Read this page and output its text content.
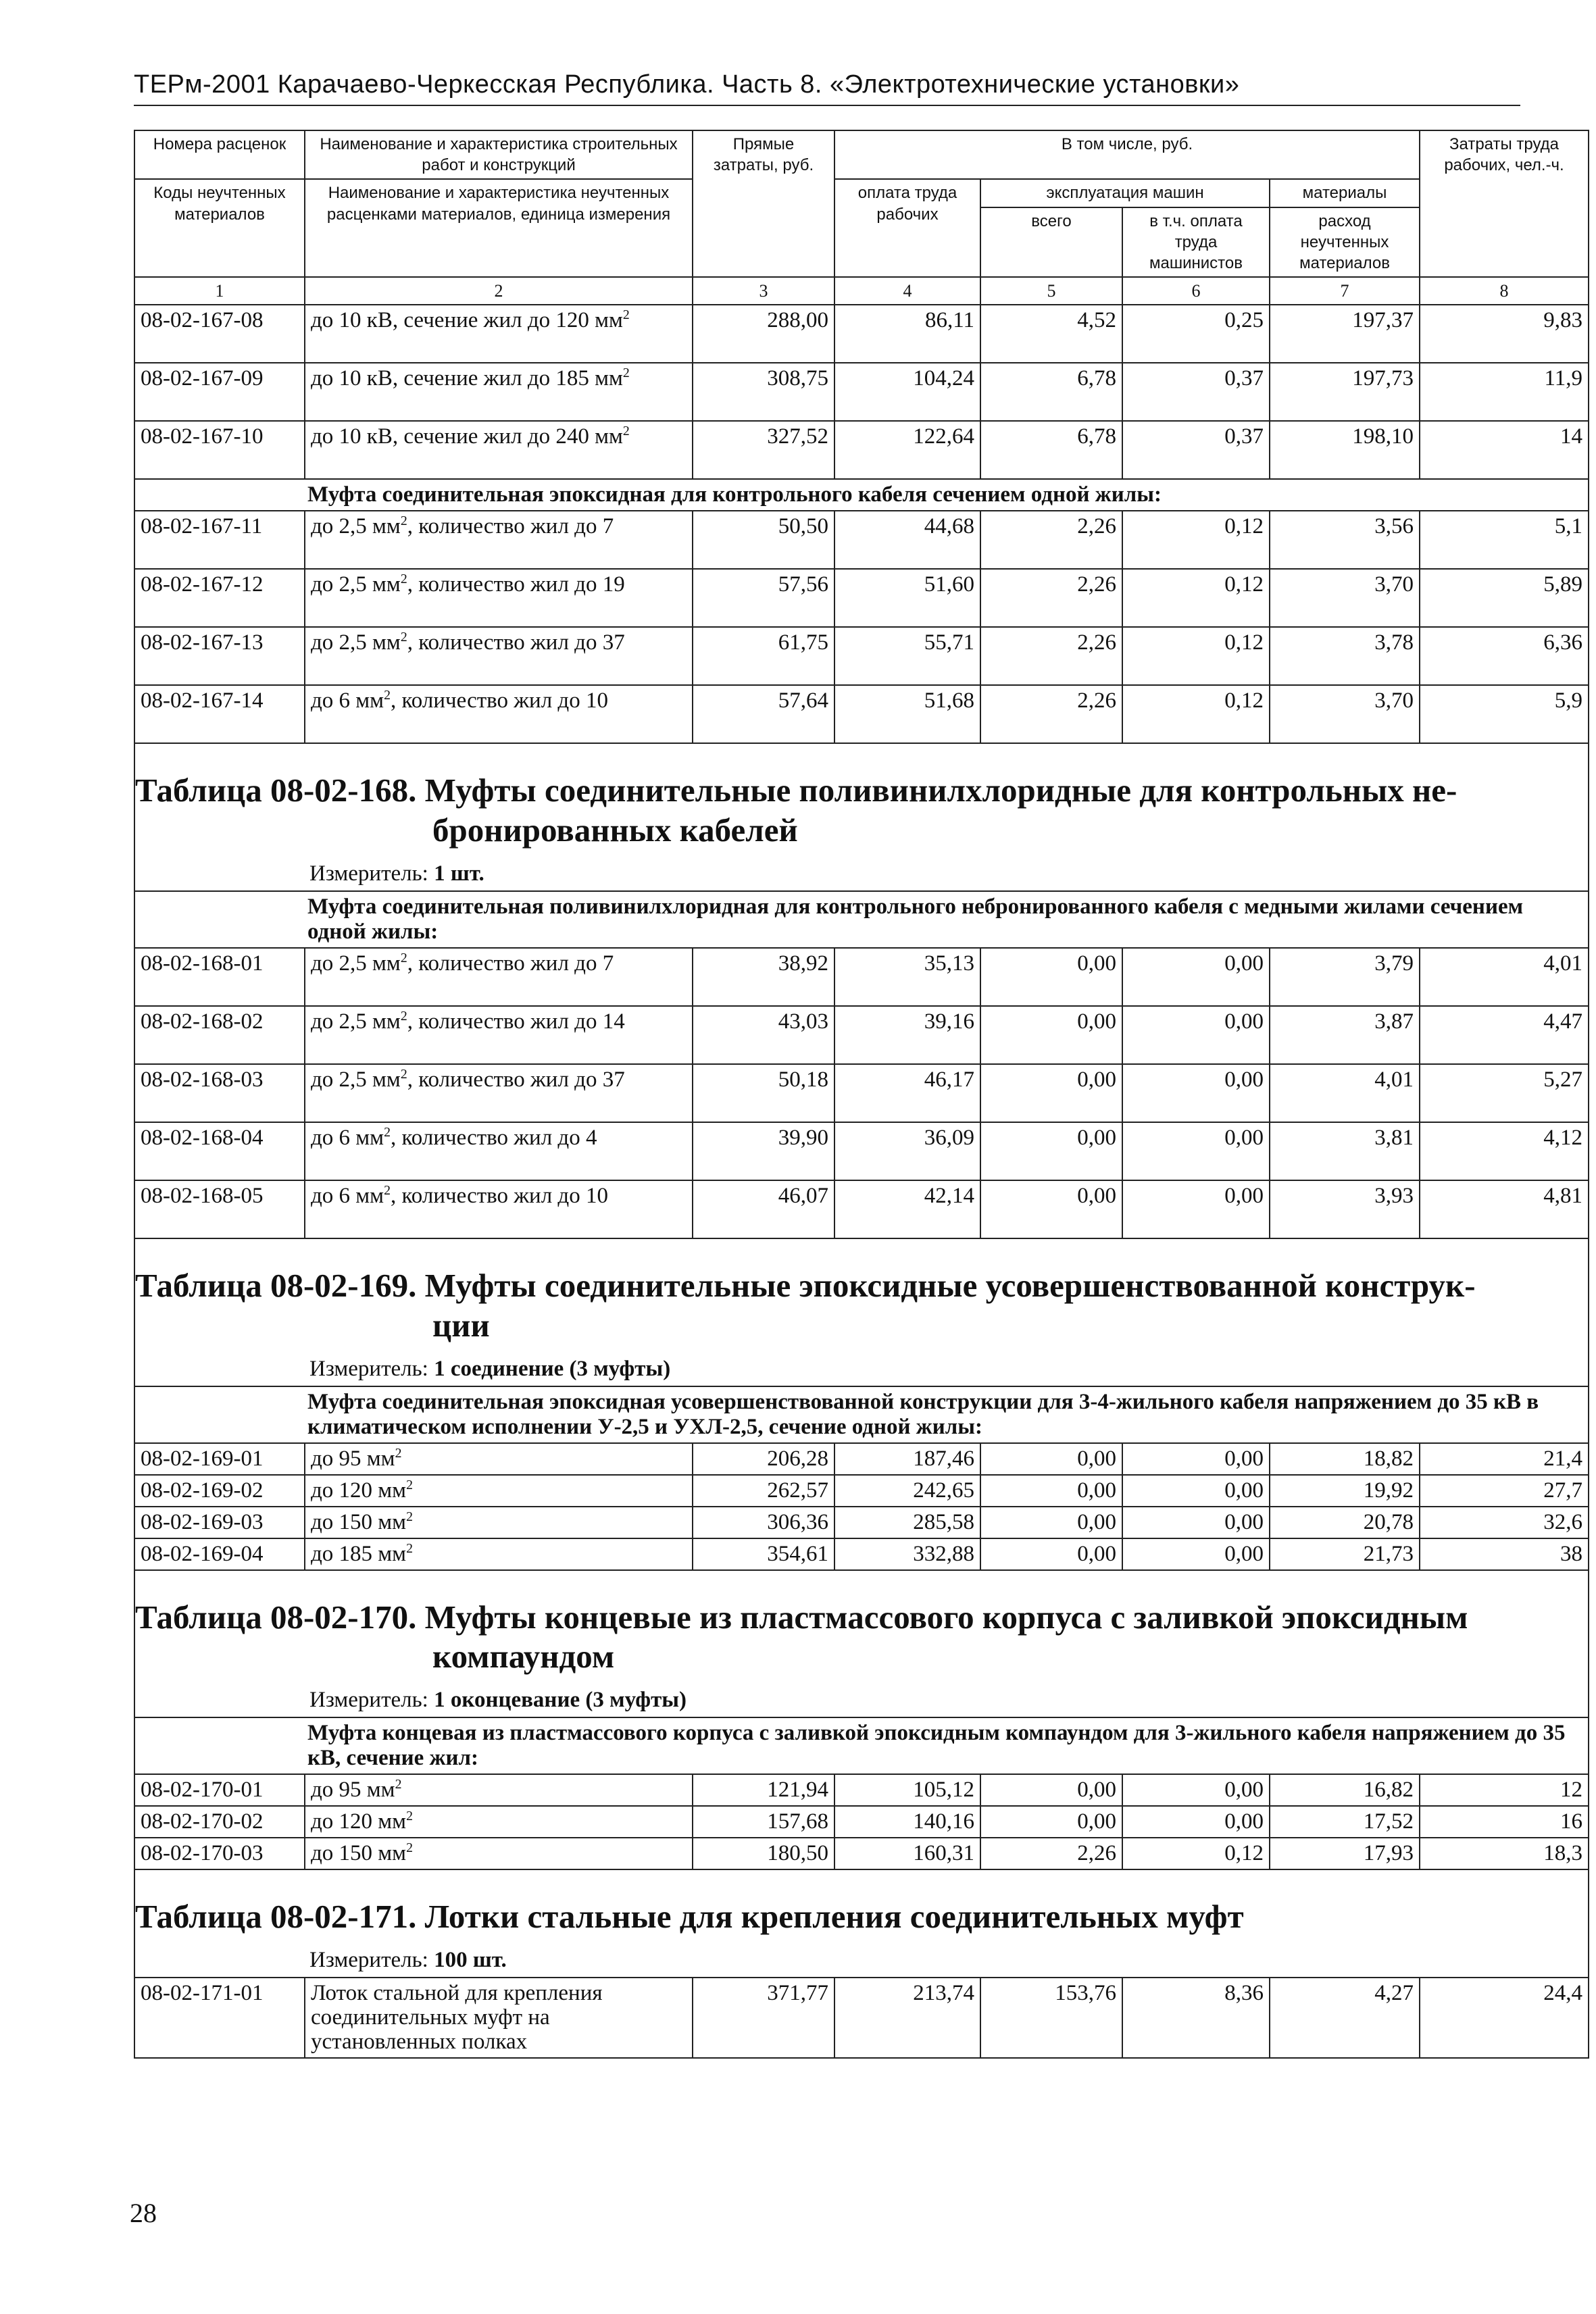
ТЕРм-2001 Карачаево-Черкесская Республика. Часть 8. «Электротехнические установки»
Номера расценок	Наименование и характеристика строительных работ и конструкций	Прямые затраты, руб.	В том числе, руб.				Затраты труда рабочих, чел.-ч.
Коды неучтенных материалов	Наименование и характеристика неучтенных расценками материалов, единица измерения		оплата труда рабочих	эксплуатация машин		материалы	
				всего	в т.ч. оплата труда машинистов	расход неучтенных материалов	

1	2	3	4	5	6	7	8
08-02-167-08	до 10 кВ, сечение жил до 120 $мм^2$	288,00	86,11	4,52	0,25	197,37	9,83
08-02-167-09	до 10 кВ, сечение жил до 185 $мм^2$	308,75	104,24	6,78	0,37	197,73	11,9
08-02-167-10	до 10 кВ, сечение жил до 240 $мм^2$	327,52	122,64	6,78	0,37	198,10	14
	Муфта соединительная эпоксидная для контрольного кабеля сечением одной жилы:						
08-02-167-11	до 2,5 $мм^2$, количество жил до 7	50,50	44,68	2,26	0,12	3,56	5,1
08-02-167-12	до 2,5 $мм^2$, количество жил до 19	57,56	51,60	2,26	0,12	3,70	5,89
08-02-167-13	до 2,5 $мм^2$, количество жил до 37	61,75	55,71	2,26	0,12	3,78	6,36
08-02-167-14	до 6 $мм^2$, количество жил до 10	57,64	51,68	2,26	0,12	3,70	5,9

Таблица 08-02-168. Муфты соединительные поливинилхлоридные для контрольных не-
бронированных кабелей
Измеритель: 1 шт.							

	Муфта соединительная поливинилхлоридная для контрольного небронированного кабеля с медными жилами сечением одной жилы:						
08-02-168-01	до 2,5 $мм^2$, количество жил до 7	38,92	35,13	0,00	0,00	3,79	4,01
08-02-168-02	до 2,5 $мм^2$, количество жил до 14	43,03	39,16	0,00	0,00	3,87	4,47
08-02-168-03	до 2,5 $мм^2$, количество жил до 37	50,18	46,17	0,00	0,00	4,01	5,27
08-02-168-04	до 6 $мм^2$, количество жил до 4	39,90	36,09	0,00	0,00	3,81	4,12
08-02-168-05	до 6 $мм^2$, количество жил до 10	46,07	42,14	0,00	0,00	3,93	4,81

Таблица 08-02-169. Муфты соединительные эпоксидные усовершенствованной конструк-
ции
Измеритель: 1 соединение (3 муфты)							

	Муфта соединительная эпоксидная усовершенствованной конструкции для 3-4-жильного кабеля напряжением до 35 кВ в климатическом исполнении У-2,5 и УХЛ-2,5, сечение одной жилы:						
08-02-169-01	до 95 $мм^2$	206,28	187,46	0,00	0,00	18,82	21,4
08-02-169-02	до 120 $мм^2$	262,57	242,65	0,00	0,00	19,92	27,7
08-02-169-03	до 150 $мм^2$	306,36	285,58	0,00	0,00	20,78	32,6
08-02-169-04	до 185 $мм^2$	354,61	332,88	0,00	0,00	21,73	38

Таблица 08-02-170. Муфты концевые из пластмассового корпуса с заливкой эпоксидным
компаундом
Измеритель: 1 оконцевание (3 муфты)							

	Муфта концевая из пластмассового корпуса с заливкой эпоксидным компаундом для 3-жильного кабеля напряжением до 35 кВ, сечение жил:						
08-02-170-01	до 95 $мм^2$	121,94	105,12	0,00	0,00	16,82	12
08-02-170-02	до 120 $мм^2$	157,68	140,16	0,00	0,00	17,52	16
08-02-170-03	до 150 $мм^2$	180,50	160,31	2,26	0,12	17,93	18,3

Таблица 08-02-171. Лотки стальные для крепления соединительных муфт
Измеритель: 100 шт.							

08-02-171-01	Лоток стальной для крепления соединительных муфт на установленных полках	371,77	213,74	153,76	8,36	4,27	24,4
28
